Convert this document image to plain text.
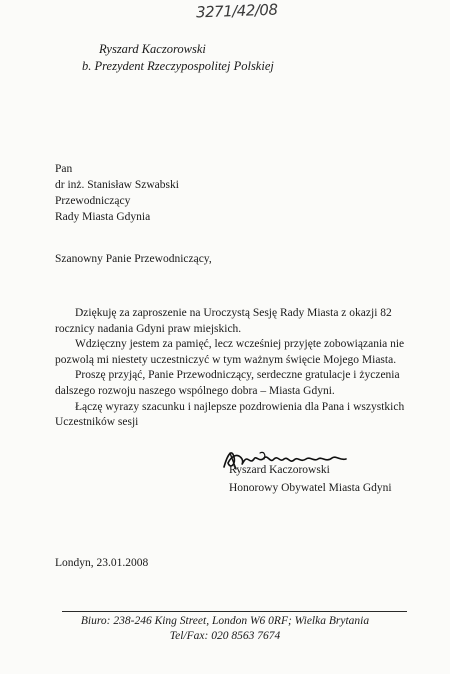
3271/42/08
Ryszard Kaczorowski
b. Prezydent Rzeczypospolitej Polskiej
Pan
dr inż. Stanisław Szwabski
Przewodniczący
Rady Miasta Gdynia
Szanowny Panie Przewodniczący,

Dziękuję za zaproszenie na Uroczystą Sesję Rady Miasta z okazji 82 rocznicy nadania Gdyni praw miejskich.

Wdzięczny jestem za pamięć, lecz wcześniej przyjęte zobowiązania nie pozwolą mi niestety uczestniczyć w tym ważnym święcie Mojego Miasta.

Proszę przyjąć, Panie Przewodniczący, serdeczne gratulacje i życzenia dalszego rozwoju naszego wspólnego dobra – Miasta Gdyni.

Łączę wyrazy szacunku i najlepsze pozdrowienia dla Pana i wszystkich Uczestników sesji

Ryszard Kaczorowski
Honorowy Obywatel Miasta Gdyni
Londyn, 23.01.2008
Biuro: 238-246 King Street, London W6 0RF; Wielka Brytania
Tel/Fax: 020 8563 7674
